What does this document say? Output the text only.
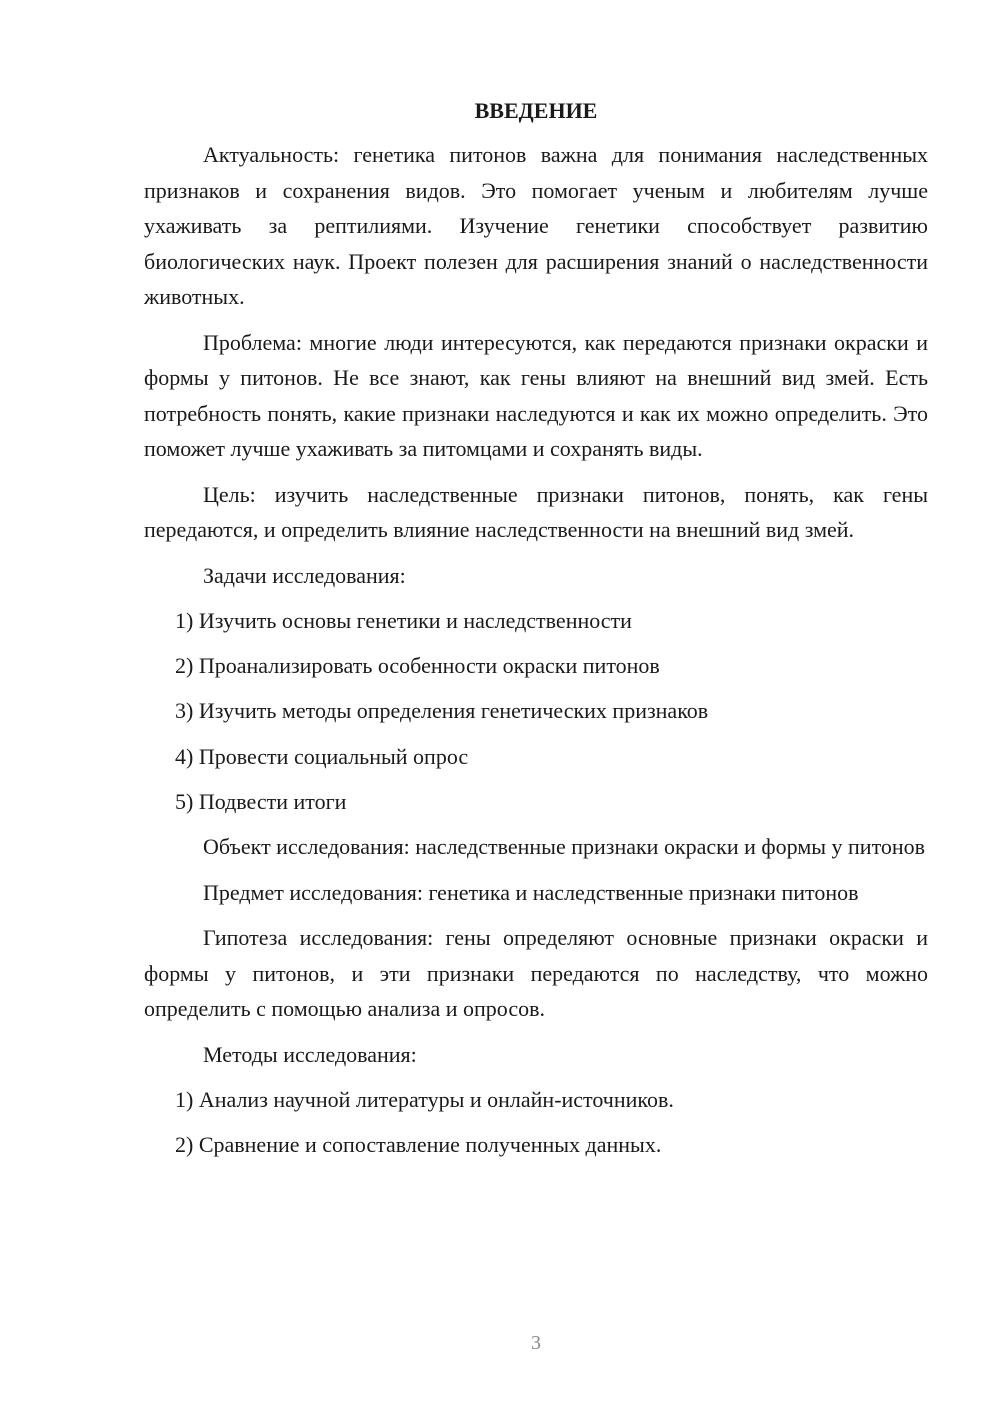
ВВЕДЕНИЕ

Актуальность: генетика питонов важна для понимания наследственных признаков и сохранения видов. Это помогает ученым и любителям лучше ухаживать за рептилиями. Изучение генетики способствует развитию биологических наук. Проект полезен для расширения знаний о наследственности животных.

Проблема: многие люди интересуются, как передаются признаки окраски и формы у питонов. Не все знают, как гены влияют на внешний вид змей. Есть потребность понять, какие признаки наследуются и как их можно определить. Это поможет лучше ухаживать за питомцами и сохранять виды.

Цель: изучить наследственные признаки питонов, понять, как гены передаются, и определить влияние наследственности на внешний вид змей.

Задачи исследования:

1) Изучить основы генетики и наследственности

2) Проанализировать особенности окраски питонов

3) Изучить методы определения генетических признаков

4) Провести социальный опрос

5) Подвести итоги

Объект исследования: наследственные признаки окраски и формы у питонов

Предмет исследования: генетика и наследственные признаки питонов

Гипотеза исследования: гены определяют основные признаки окраски и формы у питонов, и эти признаки передаются по наследству, что можно определить с помощью анализа и опросов.

Методы исследования:

1) Анализ научной литературы и онлайн-источников.

2) Сравнение и сопоставление полученных данных.

3
